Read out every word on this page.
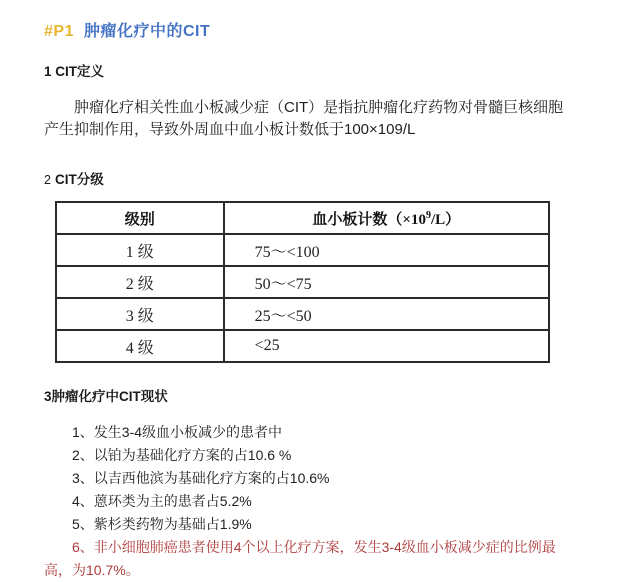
#P1 肿瘤化疗中的CIT
1 CIT定义

肿瘤化疗相关性血小板减少症（CIT）是指抗肿瘤化疗药物对骨髓巨核细胞产生抑制作用，导致外周血中血小板计数低于100×109/L

2 CIT分级
级别	血小板计数$(\times 10^9/L)$
1 级	75～<100
2 级	50～<75
3 级	25～<50
4 级	<25
3肿瘤化疗中CIT现状

1、发生3-4级血小板减少的患者中

2、以铂为基础化疗方案的占10.6 %

3、以吉西他滨为基础化疗方案的占10.6%

4、蒽环类为主的患者占5.2%

5、紫杉类药物为基础占1.9%

6、非小细胞肺癌患者使用4个以上化疗方案，发生3-4级血小板减少症的比例最高，为10.7%。
